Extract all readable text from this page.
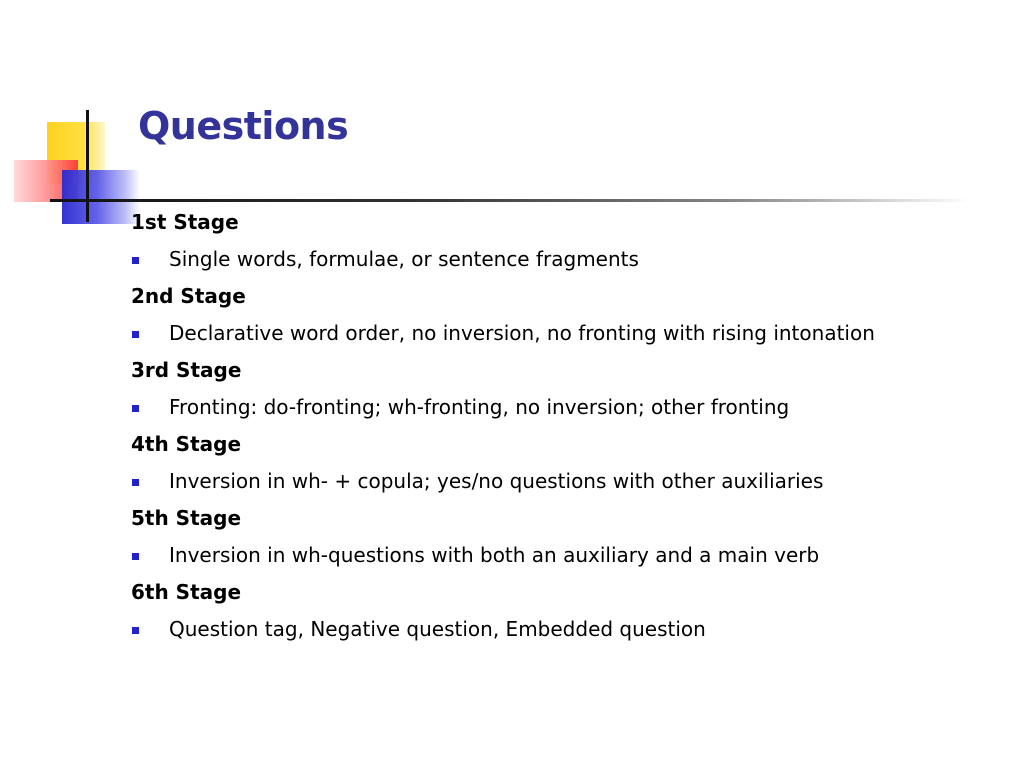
Questions
1st Stage
Single words, formulae, or sentence fragments
2nd Stage
Declarative word order, no inversion, no fronting with rising intonation
3rd Stage
Fronting: do-fronting; wh-fronting, no inversion; other fronting
4th Stage
Inversion in wh- + copula; yes/no questions with other auxiliaries
5th Stage
Inversion in wh-questions with both an auxiliary and a main verb
6th Stage
Question tag, Negative question, Embedded question
